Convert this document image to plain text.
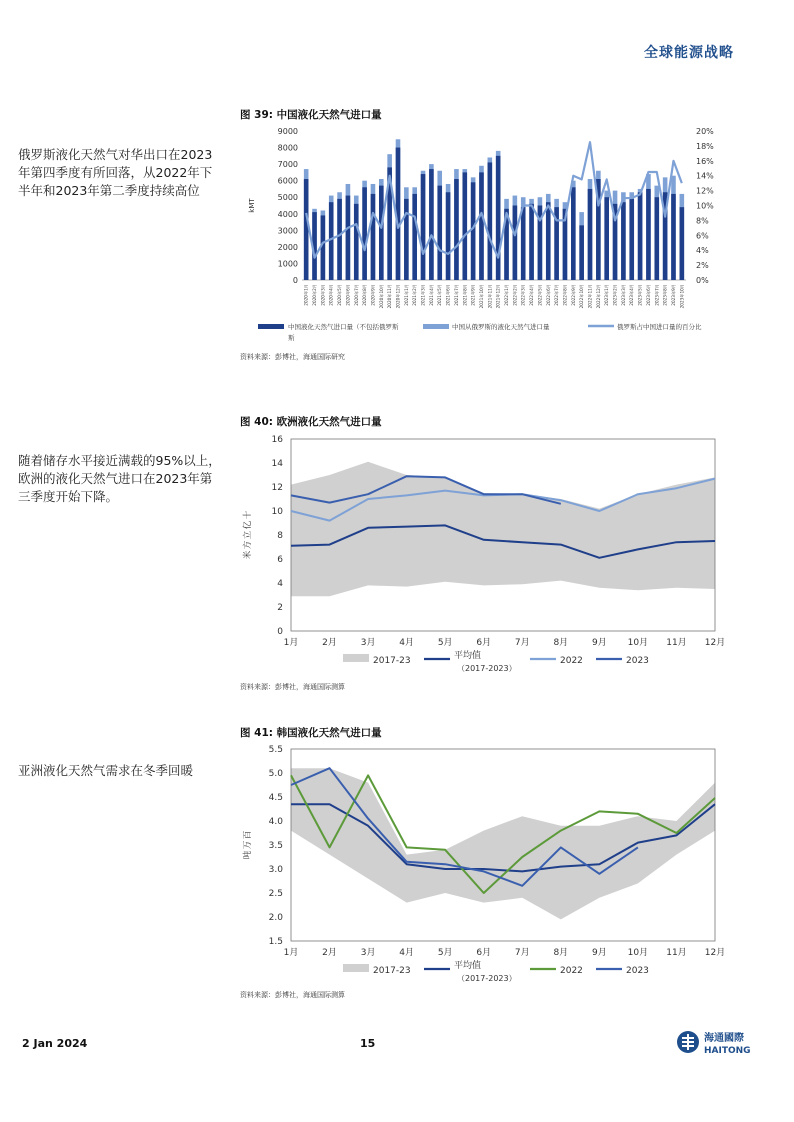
全球能源战略
俄罗斯液化天然气对华出口在2023年第四季度有所回落，从2022年下半年和2023年第二季度持续高位
随着储存水平接近满载的95%以上，欧洲的液化天然气进口在2023年第三季度开始下降。
亚洲液化天然气需求在冬季回暖
图 39: 中国液化天然气进口量
0
1000
2000
3000
4000
5000
6000
7000
8000
9000
0%
2%
4%
6%
8%
10%
12%
14%
16%
18%
20%
kMT
2020年1月 2020年2月 2020年3月 2020年4月 2020年5月 2020年6月 2020年7月 2020年8月 2020年9月 2020年10月 2020年11月 2020年12月 2021年1月 2021年2月 2021年3月 2021年4月 2021年5月 2021年6月 2021年7月 2021年8月 2021年9月 2021年10月 2021年11月 2021年12月 2022年1月 2022年2月 2022年3月 2022年4月 2022年5月 2022年6月 2022年7月 2022年8月 2022年9月 2022年10月 2022年11月 2022年12月 2023年1月 2023年2月 2023年3月 2023年4月 2023年5月 2023年6月 2023年7月 2023年8月 2023年9月 2023年10月
中国液化天然气进口量（不包括俄罗斯
斯
中国从俄罗斯的液化天然气进口量	俄罗斯占中国进口量的百分比
资料来源：彭博社，海通国际研究
图 40: 欧洲液化天然气进口量
0
2
4
6
8
10
12
14
16
1月	2月	3月	4月	5月	6月	7月	8月	9月 10月 11月 12月
十
亿
立
方
米
2017-23	平均值
（2017-2023）
2022	2023
资料来源：彭博社，海通国际测算
图 41: 韩国液化天然气进口量
1.5
2.0
2.5
3.0
3.5
4.0
4.5
5.0
5.5
1月	2月	3月	4月	5月	6月	7月	8月	9月 10月 11月 12月
百
万
吨
2017-23	平均值
（2017-2023）
2022	2023
资料来源：彭博社，海通国际测算
2 Jan 2024	15	海通國際
HAITONG
